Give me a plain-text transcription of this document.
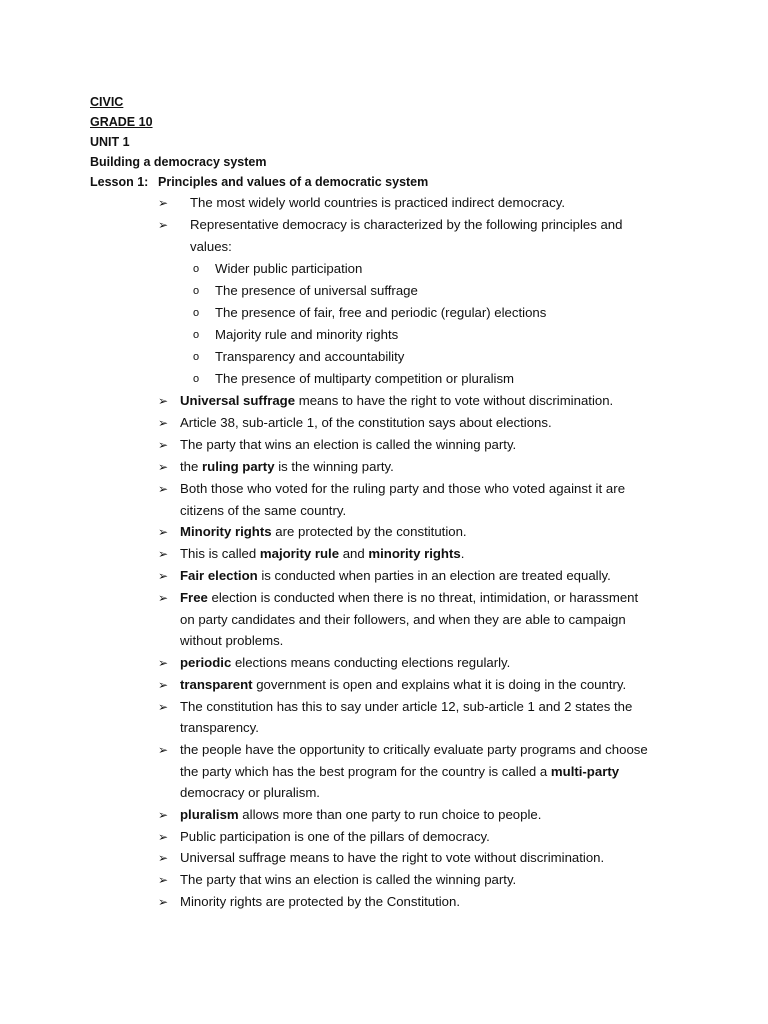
CIVIC
GRADE 10
UNIT 1
Building a democracy system
Lesson 1: Principles and values of a democratic system
➢ The most widely world countries is practiced indirect democracy.
➢ Representative democracy is characterized by the following principles and
values:
o Wider public participation
o The presence of universal suffrage
o The presence of fair, free and periodic (regular) elections
o Majority rule and minority rights
o Transparency and accountability
o The presence of multiparty competition or pluralism
➢ Universal suffrage means to have the right to vote without discrimination.
➢ Article 38, sub-article 1, of the constitution says about elections.
➢ The party that wins an election is called the winning party.
➢ the ruling party is the winning party.
➢ Both those who voted for the ruling party and those who voted against it are
citizens of the same country.
➢ Minority rights are protected by the constitution.
➢ This is called majority rule and minority rights.
➢ Fair election is conducted when parties in an election are treated equally.
➢ Free election is conducted when there is no threat, intimidation, or harassment
on party candidates and their followers, and when they are able to campaign
without problems.
➢ periodic elections means conducting elections regularly.
➢ transparent government is open and explains what it is doing in the country.
➢ The constitution has this to say under article 12, sub-article 1 and 2 states the
transparency.
➢ the people have the opportunity to critically evaluate party programs and choose
the party which has the best program for the country is called a multi-party
democracy or pluralism.
➢ pluralism allows more than one party to run choice to people.
➢ Public participation is one of the pillars of democracy.
➢ Universal suffrage means to have the right to vote without discrimination.
➢ The party that wins an election is called the winning party.
➢ Minority rights are protected by the Constitution.
